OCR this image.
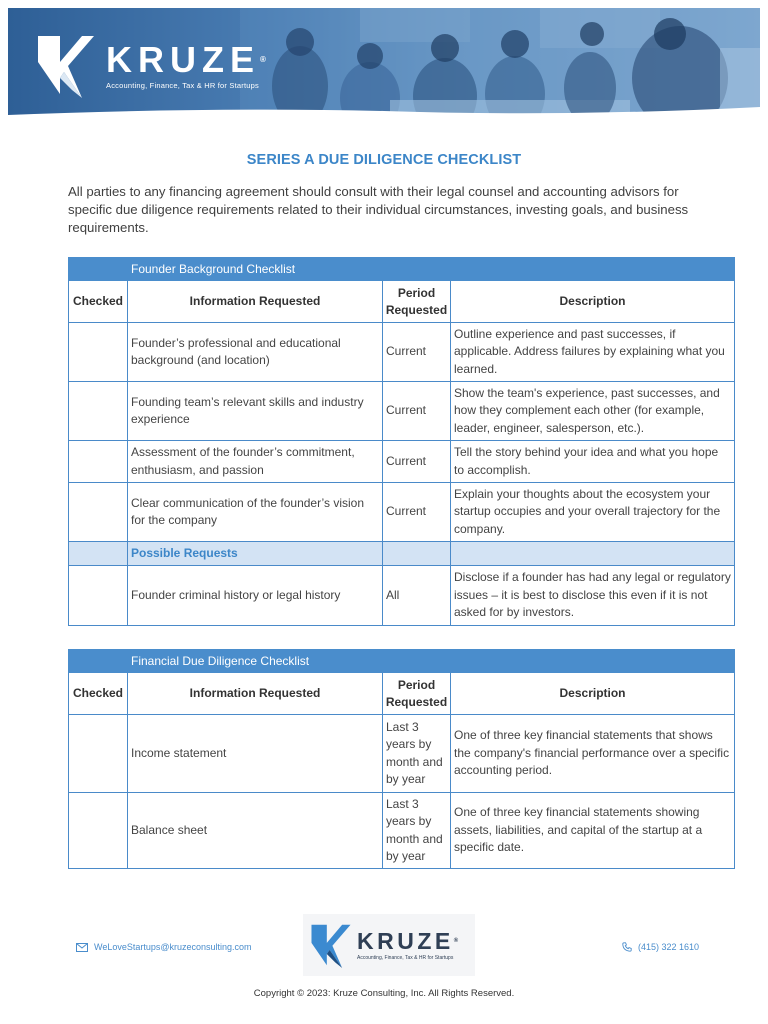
KRUZE®
Accounting, Finance, Tax & HR for Startups
SERIES A DUE DILIGENCE CHECKLIST
All parties to any financing agreement should consult with their legal counsel and accounting advisors for specific due diligence requirements related to their individual circumstances, investing goals, and business requirements.
	Founder Background Checklist		
Checked	Information Requested	Period Requested	Description
	Founder’s professional and educational background (and location)	Current	Outline experience and past successes, if applicable. Address failures by explaining what you learned.
	Founding team’s relevant skills and industry experience	Current	Show the team's experience, past successes, and how they complement each other (for example, leader, engineer, salesperson, etc.).
	Assessment of the founder’s commitment, enthusiasm, and passion	Current	Tell the story behind your idea and what you hope to accomplish.
	Clear communication of the founder’s vision for the company	Current	Explain your thoughts about the ecosystem your startup occupies and your overall trajectory for the company.
	Possible Requests		
	Founder criminal history or legal history	All	Disclose if a founder has had any legal or regulatory issues – it is best to disclose this even if it is not asked for by investors.
	Financial Due Diligence Checklist		
Checked	Information Requested	Period Requested	Description
	Income statement	Last 3 years by month and by year	One of three key financial statements that shows the company's financial performance over a specific accounting period.
	Balance sheet	Last 3 years by month and by year	One of three key financial statements showing assets, liabilities, and capital of the startup at a specific date.
WeLoveStartups@kruzeconsulting.com	KRUZE®
Accounting, Finance, Tax & HR for Startups
(415) 322 1610
Copyright © 2023: Kruze Consulting, Inc. All Rights Reserved.
